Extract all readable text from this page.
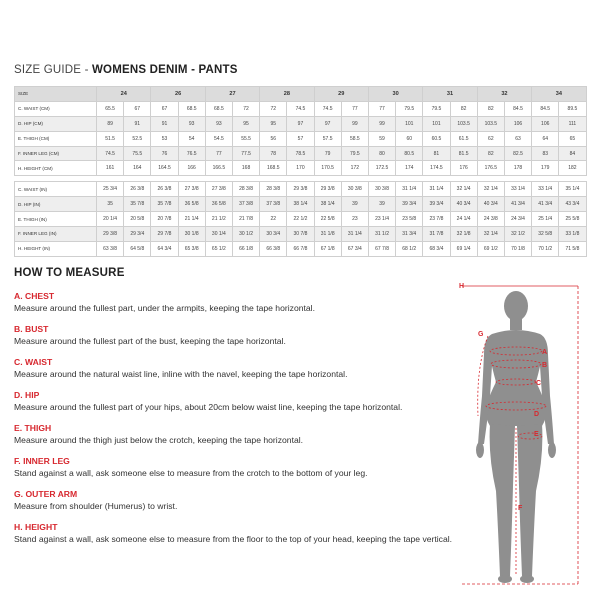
SIZE GUIDE - WOMENS DENIM - PANTS
SIZE	24		26		27		28		29		30		31		32		34	
C. WAIST (CM)	65.5	67	67	68.5	68.5	72	72	74.5	74.5	77	77	79.5	79.5	82	82	84.5	84.5	89.5
D. HIP (CM)	89	91	91	93	93	95	95	97	97	99	99	101	101	103.5	103.5	106	106	111
E. THIGH (CM)	51.5	52.5	53	54	54.5	55.5	56	57	57.5	58.5	59	60	60.5	61.5	62	63	64	65
F. INNER LEG (CM)	74.5	75.5	76	76.5	77	77.5	78	78.5	79	79.5	80	80.5	81	81.5	82	82.5	83	84
H. HEIGHT (CM)	161	164	164.5	166	166.5	168	168.5	170	170.5	172	172.5	174	174.5	176	176.5	178	179	182

C. WAIST (IN)	25 3/4	26 3/8	26 3/8	27 3/8	27 3/8	28 3/8	28 3/8	29 3/8	29 3/8	30 3/8	30 3/8	31 1/4	31 1/4	32 1/4	32 1/4	33 1/4	33 1/4	35 1/4
D. HIP (IN)	35	35 7/8	35 7/8	36 5/8	36 5/8	37 3/8	37 3/8	38 1/4	38 1/4	39	39	39 3/4	39 3/4	40 3/4	40 3/4	41 3/4	41 3/4	43 3/4
E. THIGH (IN)	20 1/4	20 5/8	20 7/8	21 1/4	21 1/2	21 7/8	22	22 1/2	22 5/8	23	23 1/4	23 5/8	23 7/8	24 1/4	24 3/8	24 3/4	25 1/4	25 5/8
F. INNER LEG (IN)	29 3/8	29 3/4	29 7/8	30 1/8	30 1/4	30 1/2	30 3/4	30 7/8	31 1/8	31 1/4	31 1/2	31 3/4	31 7/8	32 1/8	32 1/4	32 1/2	32 5/8	33 1/8
H. HEIGHT (IN)	63 3/8	64 5/8	64 3/4	65 3/8	65 1/2	66 1/8	66 3/8	66 7/8	67 1/8	67 3/4	67 7/8	68 1/2	68 3/4	69 1/4	69 1/2	70 1/8	70 1/2	71 5/8
HOW TO MEASURE
A. CHEST
Measure around the fullest part, under the armpits, keeping the tape horizontal.
B. BUST
Measure around the fullest part of the bust, keeping the tape horizontal.
C. WAIST
Measure around the natural waist line, inline with the navel, keeping the tape horizontal.
D. HIP
Measure around the fullest part of your hips, about 20cm below waist line, keeping the tape horizontal.
E. THIGH
Measure around the thigh just below the crotch, keeping the tape horizontal.
F. INNER LEG
Stand against a wall, ask someone else to measure from the crotch to the bottom of your leg.
G. OUTER ARM
Measure from shoulder (Humerus) to wrist.
H. HEIGHT
Stand against a wall, ask someone else to measure from the floor to the top of your head, keeping the tape vertical.
H
G
A
B
C
D
E
F
